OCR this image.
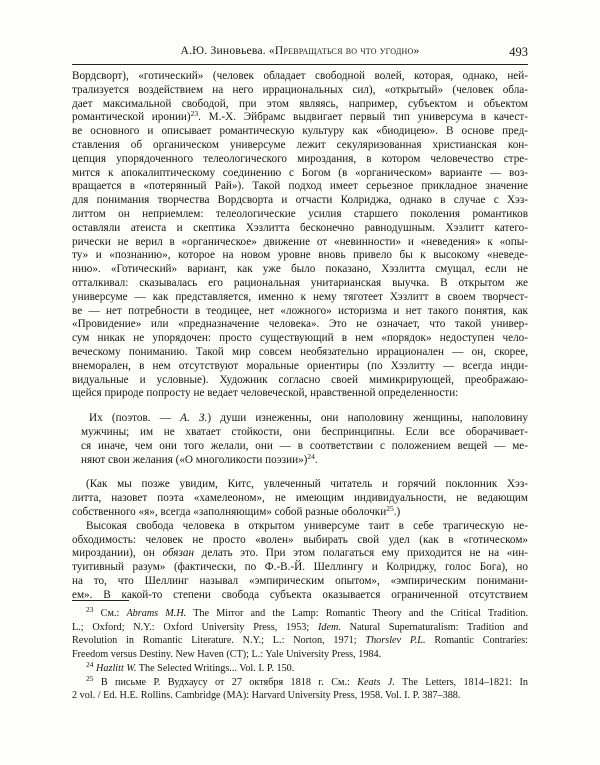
А.Ю. Зиновьева. «Превращаться во что угодно»	493
Вордсворт), «готический» (человек обладает свободной волей, которая, однако, ней-
трализуется воздействием на него иррациональных сил), «открытый» (человек обла-
дает максимальной свободой, при этом являясь, например, субъектом и объектом
романтической иронии)$^{23}$. М.-Х. Эйбрамс выдвигает первый тип универсума в качест-
ве основного и описывает романтическую культуру как «биодицею». В основе пред-
ставления об органическом универсуме лежит секуляризованная христианская кон-
цепция упорядоченного телеологического мироздания, в котором человечество стре-
мится к апокалиптическому соединению с Богом (в «органическом» варианте — воз-
вращается в «потерянный Рай»). Такой подход имеет серьезное прикладное значение
для понимания творчества Вордсворта и отчасти Колриджа, однако в случае с Хэз-
литтом он неприемлем: телеологические усилия старшего поколения романтиков
оставляли атеиста и скептика Хэзлитта бесконечно равнодушным. Хэзлитт катего-
рически не верил в «органическое» движение от «невинности» и «неведения» к «опы-
ту» и «познанию», которое на новом уровне вновь привело бы к высокому «неведе-
нию». «Готический» вариант, как уже было показано, Хэзлитта смущал, если не
отталкивал: сказывалась его рациональная унитарианская выучка. В открытом же
универсуме — как представляется, именно к нему тяготеет Хэзлитт в своем творчест-
ве — нет потребности в теодицее, нет «ложного» историзма и нет такого понятия, как
«Провидение» или «предназначение человека». Это не означает, что такой универ-
сум никак не упорядочен: просто существующий в нем «порядок» недоступен чело-
веческому пониманию. Такой мир совсем необязательно иррационален — он, скорее,
внеморален, в нем отсутствуют моральные ориентиры (по Хэзлитту — всегда инди-
видуальные и условные). Художник согласно своей мимикрирующей, преображаю-
щейся природе попросту не ведает человеческой, нравственной определенности:
Их (поэтов. — А. З.) души изнеженны, они наполовину женщины, наполовину
мужчины; им не хватает стойкости, они беспринципны. Если все оборачивает-
ся иначе, чем они того желали, они — в соответствии с положением вещей — ме-
няют свои желания («О многоликости поэзии»)$^{24}$.
(Как мы позже увидим, Китс, увлеченный читатель и горячий поклонник Хэз-
литта, назовет поэта «хамелеоном», не имеющим индивидуальности, не ведающим
собственного «я», всегда «заполняющим» собой разные оболочки$^{25}$.)
Высокая свобода человека в открытом универсуме таит в себе трагическую не-
обходимость: человек не просто «волен» выбирать свой удел (как в «готическом»
мироздании), он обязан делать это. При этом полагаться ему приходится не на «ин-
туитивный разум» (фактически, по Ф.-В.-Й. Шеллингу и Колриджу, голос Бога), но
на то, что Шеллинг называл «эмпирическим опытом», «эмпирическим понимани-
ем». В какой-то степени свобода субъекта оказывается ограниченной отсутствием
$^{23}$ См.: Abrams M.H. The Mirror and the Lamp: Romantic Theory and the Critical Tradition.
L.; Oxford; N.Y.: Oxford University Press, 1953; Idem. Natural Supernaturalism: Tradition and
Revolution in Romantic Literature. N.Y.; L.: Norton, 1971; Thorslev P.L. Romantic Contraries:
Freedom versus Destiny. New Haven (CT); L.: Yale University Press, 1984.
$^{24}$ Hazlitt W. The Selected Writings... Vol. I. P. 150.
$^{25}$ В письме Р. Вудхаусу от 27 октября 1818 г. См.: Keats J. The Letters, 1814–1821: In
2 vol. / Ed. H.E. Rollins. Cambridge (MA): Harvard University Press, 1958. Vol. I. P. 387–388.
